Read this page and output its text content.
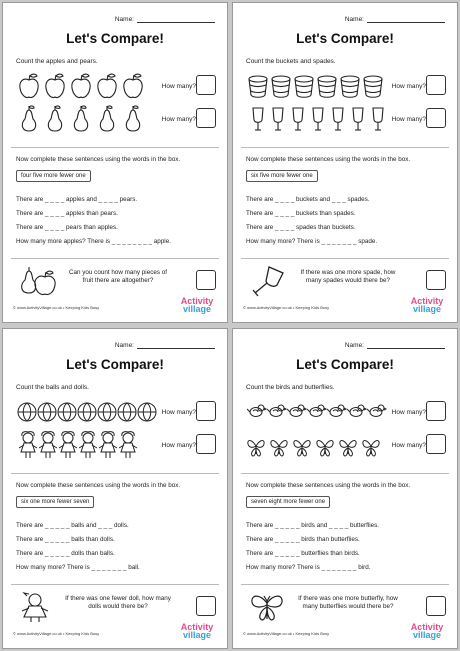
Name:
Let's Compare!
Count the apples and pears.
How many?
How many?
Now complete these sentences using the words in the box.
four five more fewer one
There are _ _ _ _ apples and _ _ _ _ pears.
There are _ _ _ _ apples than pears.
There are _ _ _ _ pears than apples.
How many more apples? There is _ _ _ _ _ _ _ _ apple.
Can you count how many pieces of fruit there are altogether?
© www.ActivityVillage.co.uk • Keeping Kids Busy
Activity
village
Name:
Let's Compare!
Count the buckets and spades.
How many?
How many?
Now complete these sentences using the words in the box.
six five more fewer one
There are _ _ _ _ buckets and _ _ _ spades.
There are _ _ _ _ buckets than spades.
There are _ _ _ _ spades than buckets.
How many more? There is _ _ _ _ _ _ _ spade.
If there was one more spade, how many spades would there be?
© www.ActivityVillage.co.uk • Keeping Kids Busy
Activity
village
Name:
Let's Compare!
Count the balls and dolls.
How many?
How many?
Now complete these sentences using the words in the box.
six one more fewer seven
There are _ _ _ _ _ balls and _ _ _ dolls.
There are _ _ _ _ _ balls than dolls.
There are _ _ _ _ _ dolls than balls.
How many more? There is _ _ _ _ _ _ _ ball.
If there was one fewer doll, how many dolls would there be?
© www.ActivityVillage.co.uk • Keeping Kids Busy
Activity
village
Name:
Let's Compare!
Count the birds and butterflies.
How many?
How many?
Now complete these sentences using the words in the box.
seven eight more fewer one
There are _ _ _ _ _ birds and _ _ _ _ butterflies.
There are _ _ _ _ _ birds than butterflies.
There are _ _ _ _ _ butterflies than birds.
How many more? There is _ _ _ _ _ _ _ bird.
If there was one more butterfly, how many butterflies would there be?
© www.ActivityVillage.co.uk • Keeping Kids Busy
Activity
village
